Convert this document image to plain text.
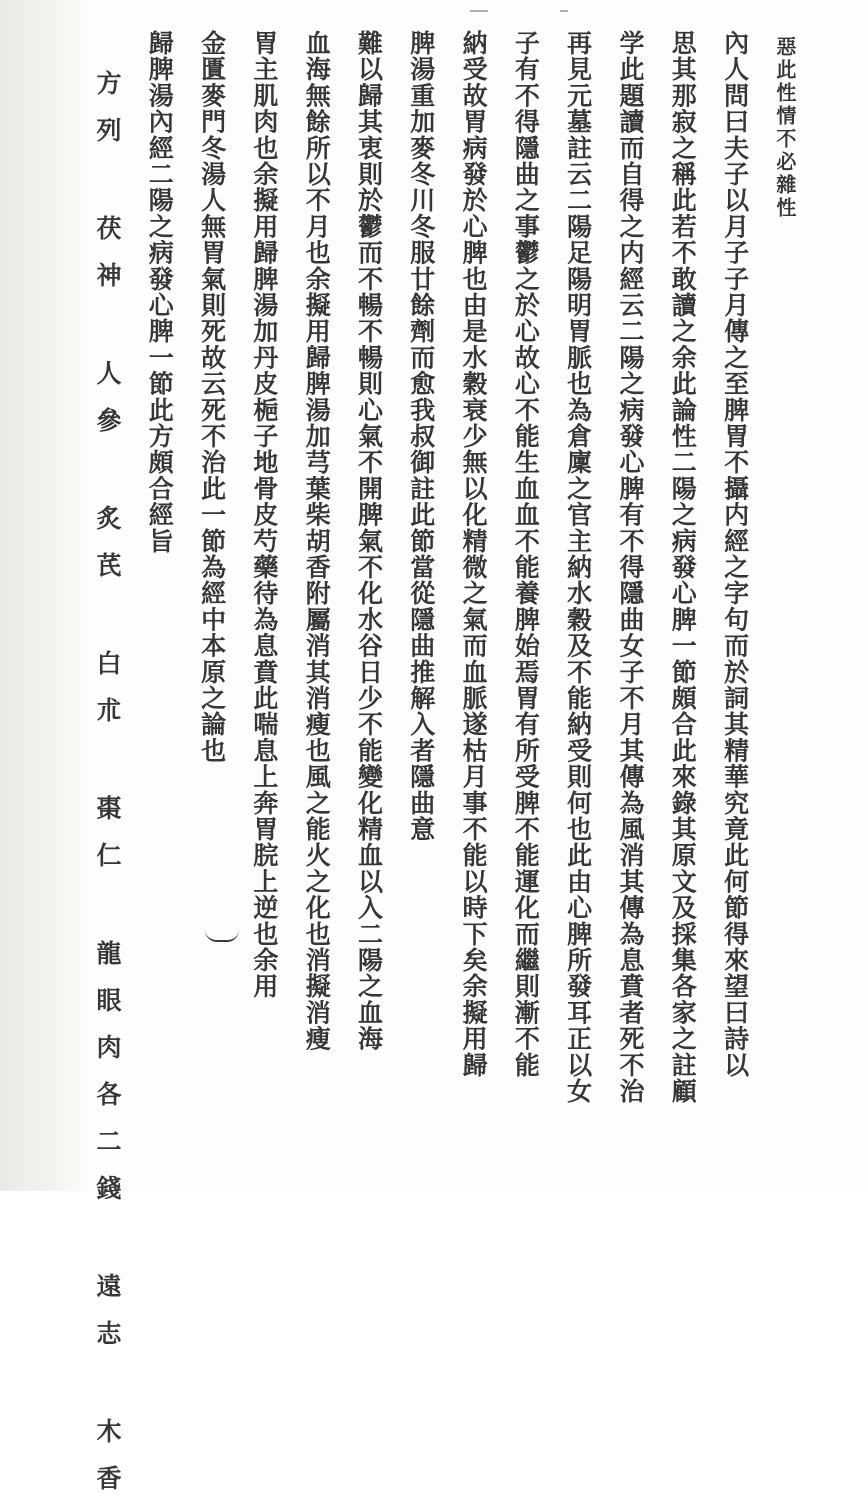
惡此性情不必雜性
內人問曰夫子以月子子月傳之至脾胃不攝内經之字句而於詞其精華究竟此何節得來望曰詩以
思其那寂之稱此若不敢讀之余此論性二陽之病發心脾一節頗合此來錄其原文及採集各家之註顧
学此題讀而自得之内經云二陽之病發心脾有不得隱曲女子不月其傳為風消其傳為息賁者死不治
再見元墓註云二陽足陽明胃脈也為倉廩之官主納水穀及不能納受則何也此由心脾所發耳正以女
子有不得隱曲之事鬱之於心故心不能生血血不能養脾始焉胃有所受脾不能運化而繼則漸不能
納受故胃病發於心脾也由是水穀衰少無以化精微之氣而血脈遂枯月事不能以時下矣余擬用歸
脾湯重加麥冬川冬服廿餘劑而愈我叔御註此節當從隱曲推解入者隱曲意
難以歸其衷則於鬱而不暢不暢則心氣不開脾氣不化水谷日少不能變化精血以入二陽之血海
血海無餘所以不月也余擬用歸脾湯加芎葉柴胡香附屬消其消瘦也風之能火之化也消擬消瘦
胃主肌肉也余擬用歸脾湯加丹皮梔子地骨皮芍藥待為息賁此喘息上奔胃脘上逆也余用
金匱麥門冬湯人無胃氣則死故云死不治此一節為經中本原之論也
歸脾湯內經二陽之病發心脾一節此方頗合經旨
方列 茯神 人參 炙芪 白朮 棗仁 龍眼肉各二錢 遠志 木香
